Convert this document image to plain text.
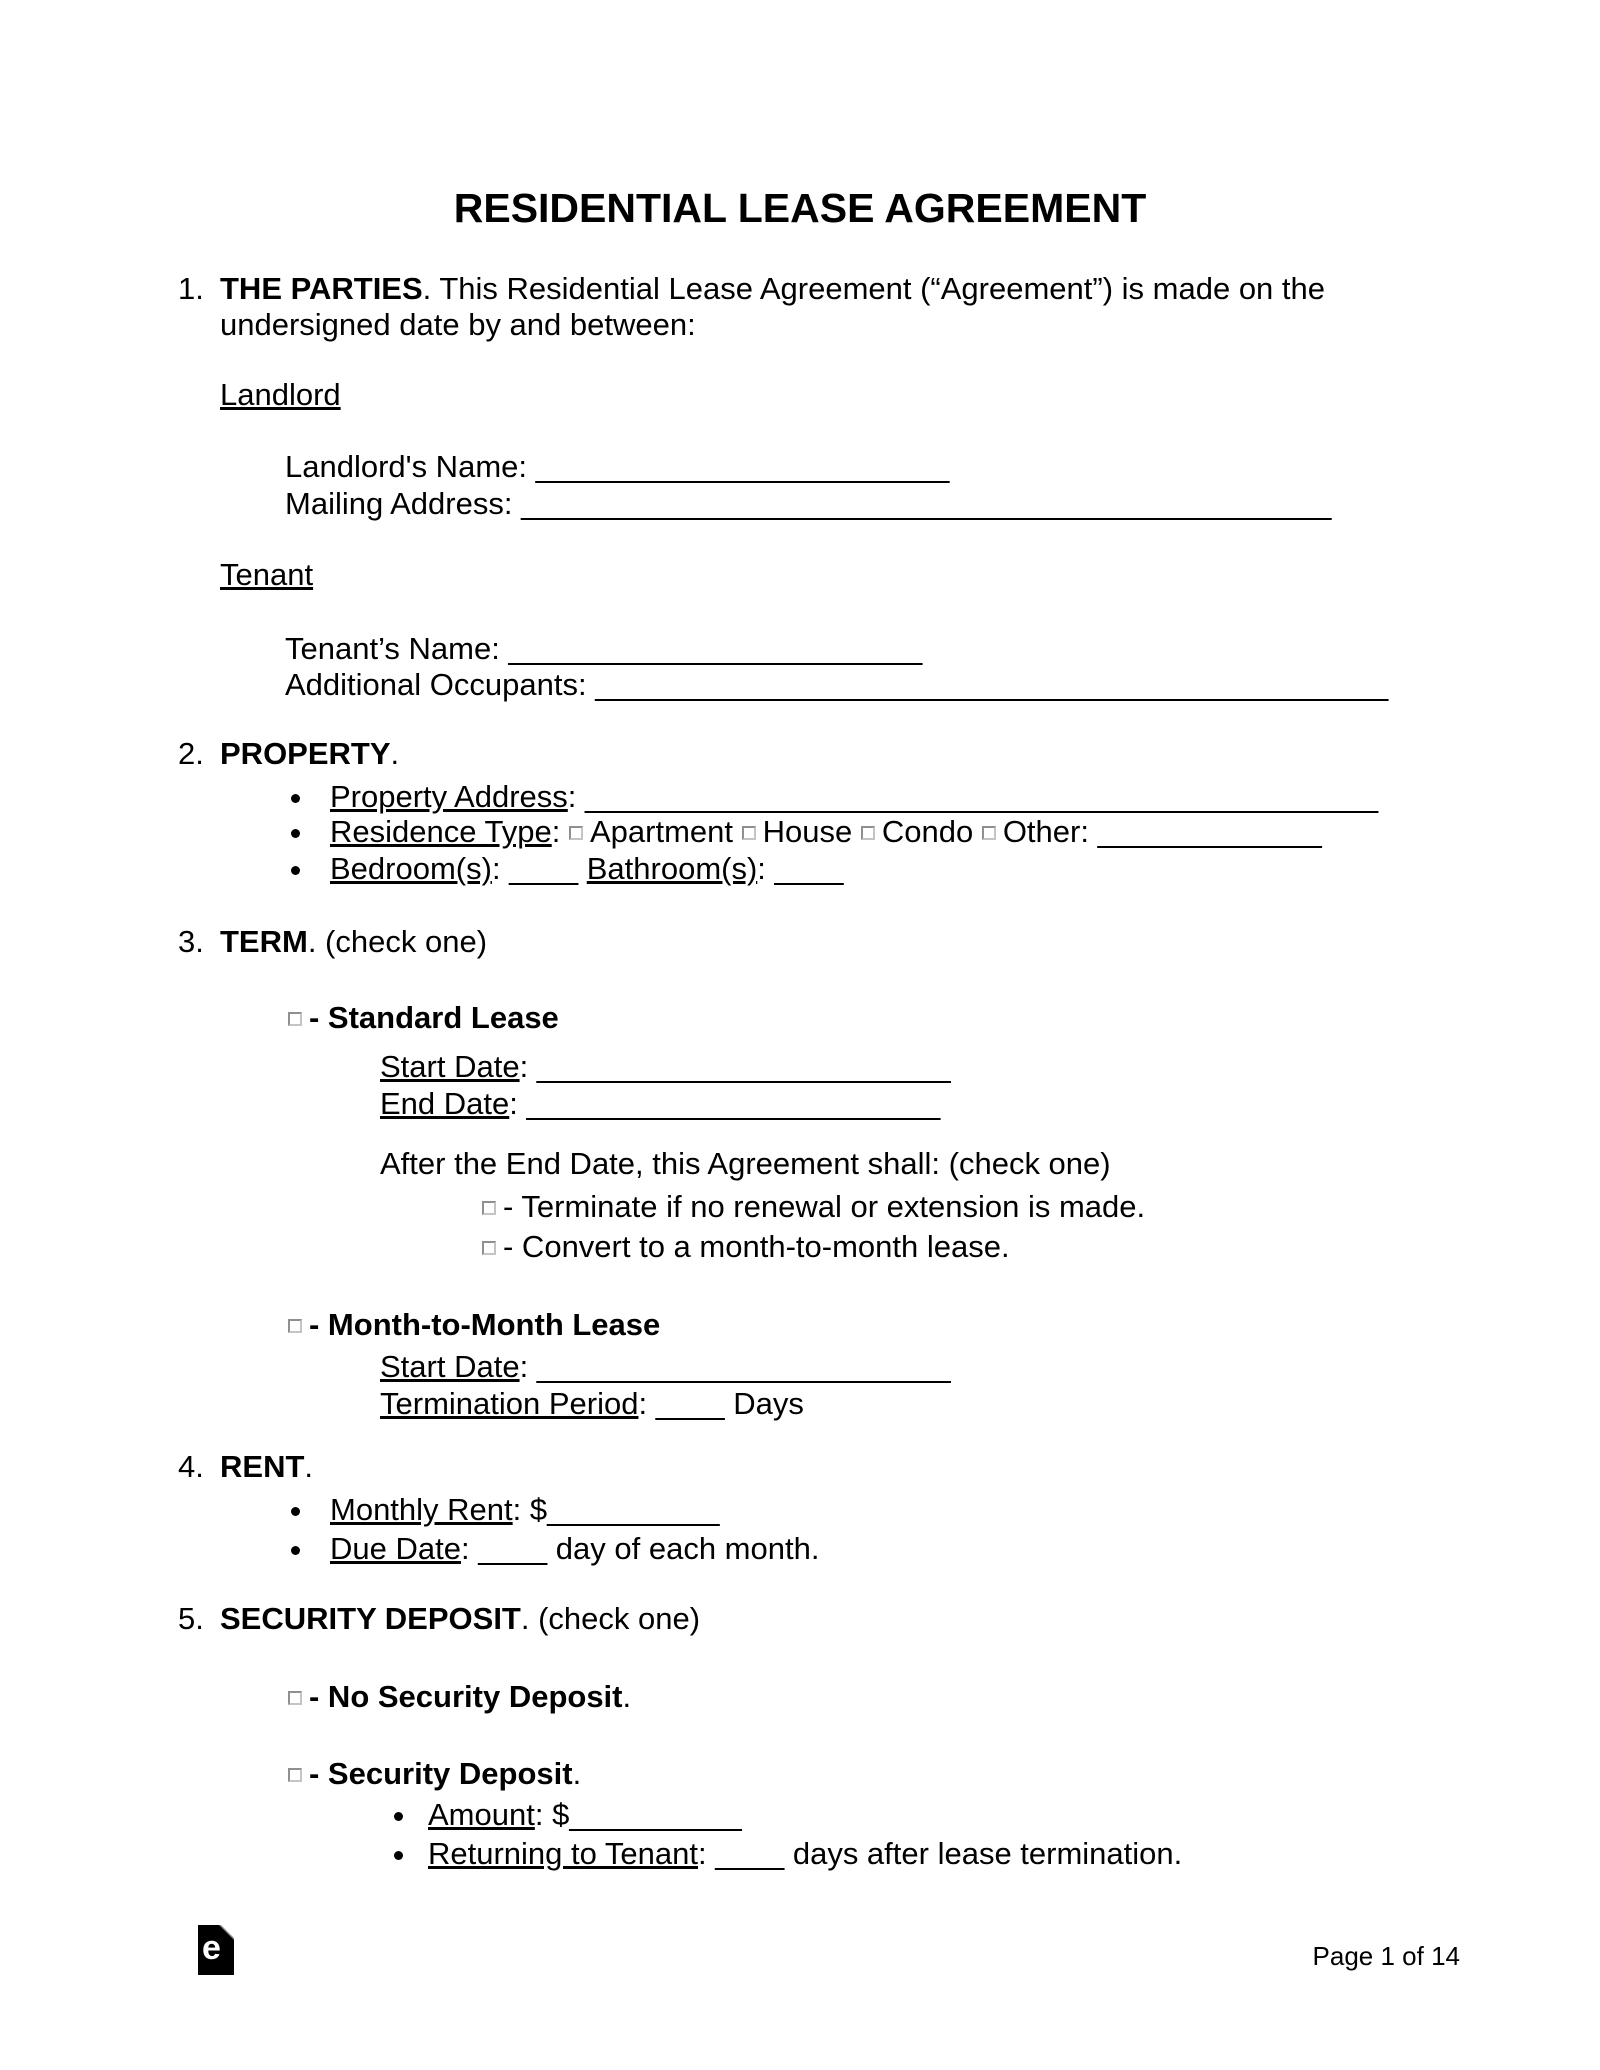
RESIDENTIAL LEASE AGREEMENT
1. THE PARTIES. This Residential Lease Agreement (“Agreement”) is made on the
undersigned date by and between:
Landlord
Landlord's Name: ________________________
Mailing Address: _______________________________________________
Tenant
Tenant’s Name: ________________________
Additional Occupants: ______________________________________________
2. PROPERTY.
Property Address: ______________________________________________
Residence Type: Apartment House Condo Other: _____________
Bedroom(s): ____ Bathroom(s): ____
3. TERM. (check one)
- Standard Lease
Start Date: ________________________
End Date: ________________________
After the End Date, this Agreement shall: (check one)
- Terminate if no renewal or extension is made.
- Convert to a month-to-month lease.
- Month-to-Month Lease
Start Date: ________________________
Termination Period: ____ Days
4. RENT.
Monthly Rent: $__________
Due Date: ____ day of each month.
5. SECURITY DEPOSIT. (check one)
- No Security Deposit.
- Security Deposit.
Amount: $__________
Returning to Tenant: ____ days after lease termination.
e	Page 1 of 14
